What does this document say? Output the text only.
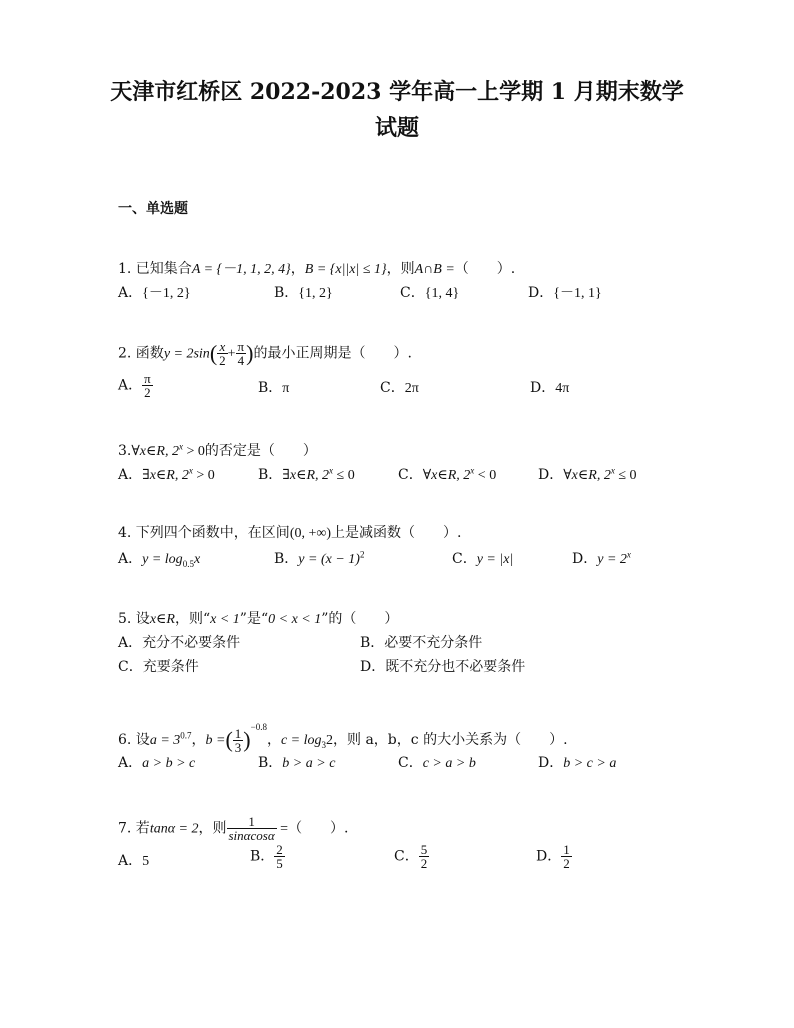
天津市红桥区 2022-2023 学年高一上学期 1 月期末数学
试题
一、单选题
1. 已知集合A = {－1, 1, 2, 4}，B = {x||x| ≤ 1}，则A∩B =（　　）.
A．{－1, 2}	B．{1, 2}	C．{1, 4}	D．{－1, 1}
2. 函数$y = 2\sin( \frac{x}{2} + \frac{\pi}{4}$ )的最小正周期是（　　）.
A． $\frac{\pi}{2}$	B．π	C．2π	D．4π
3.∀x∈R, $2^x > 0$的否定是（　　）
A．∃x∈R, $2^x > 0$	B．∃x∈R, $2^x \le 0$	C．∀x∈R, $2^x < 0$	D．∀x∈R, $2^x \le 0$
4. 下列四个函数中，在区间(0, +∞)上是减函数（　　）.
A．$y = \log_{0.5}x$	B．$y = (x - 1)^2$	C．y = |x|	D．$y = 2^x$
5. 设x∈R，则“x < 1”是“0 < x < 1”的（　　）
A．充分不必要条件	B．必要不充分条件
C．充要条件	D．既不充分也不必要条件
6. 设$a = 3^{0.7}$，b =( $\frac{1}{3} )^{-0.8}$，$c = \log_32$，则 a，b，c 的大小关系为（　　）.
A．a > b > c	B．b > a > c	C．c > a > b	D．b > c > a
7. 若tanα = 2，则 $\frac{1}{\sin\alpha\cos\alpha}$ =（　　）.
A．5	B． $\frac{2}{5}$	C． $\frac{5}{2}$	D． $\frac{1}{2}$
